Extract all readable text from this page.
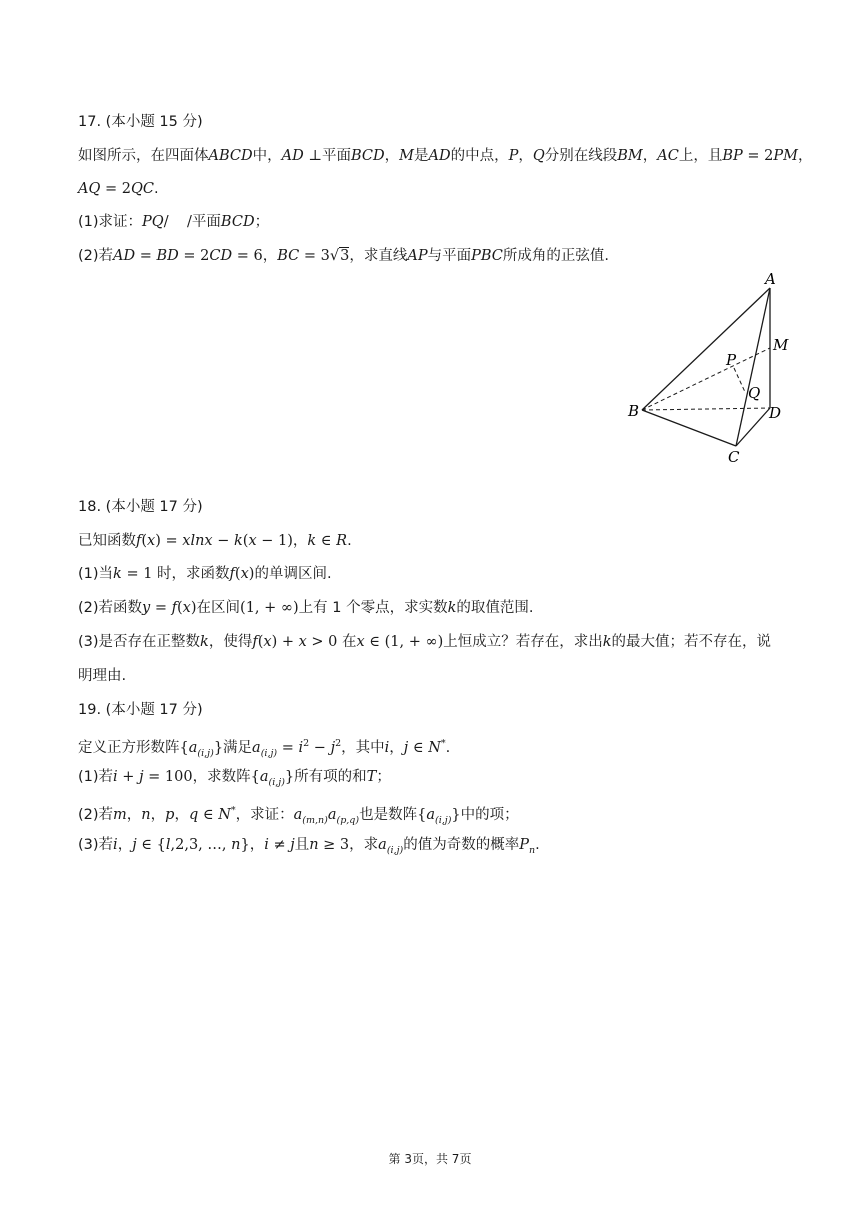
17. (本小题 15 分)
如图所示，在四面体ABCD中，AD ⊥平面BCD，M是AD的中点，P，Q分别在线段BM，AC上，且BP = 2PM，
AQ = 2QC.
(1)求证：PQ/    /平面BCD；
(2)若AD = BD = 2CD = 6，BC = 3√3，求直线AP与平面PBC所成角的正弦值.
A
M
P
Q
B	D
C
18. (本小题 17 分)
已知函数f(x) = xlnx − k(x − 1)，k ∈ R.
(1)当k = 1 时，求函数f(x)的单调区间.
(2)若函数y = f(x)在区间(1, + ∞)上有 1 个零点，求实数k的取值范围.
(3)是否存在正整数k，使得f(x) + x > 0 在x ∈ (1, + ∞)上恒成立？若存在，求出k的最大值；若不存在，说
明理由.
19. (本小题 17 分)
定义正方形数阵$\{a_{(i,j)}\}$满足$a_{(i,j)} = i^2 - j^2$，其中i，j ∈ N*.
(1)若i + j = 100，求数阵$\{a_{(i,j)}\}$所有项的和T；
(2)若m，n，p，q ∈ N*，求证：$a_{(m,n)}a_{(p,q)}$也是数阵$\{a_{(i,j)}\}$中的项；
(3)若i，j ∈ {l,2,3, …, n}，i ≠ j且n ≥ 3，求$a_{(i,j)}$的值为奇数的概率$P_n$.
第 3页，共 7页
